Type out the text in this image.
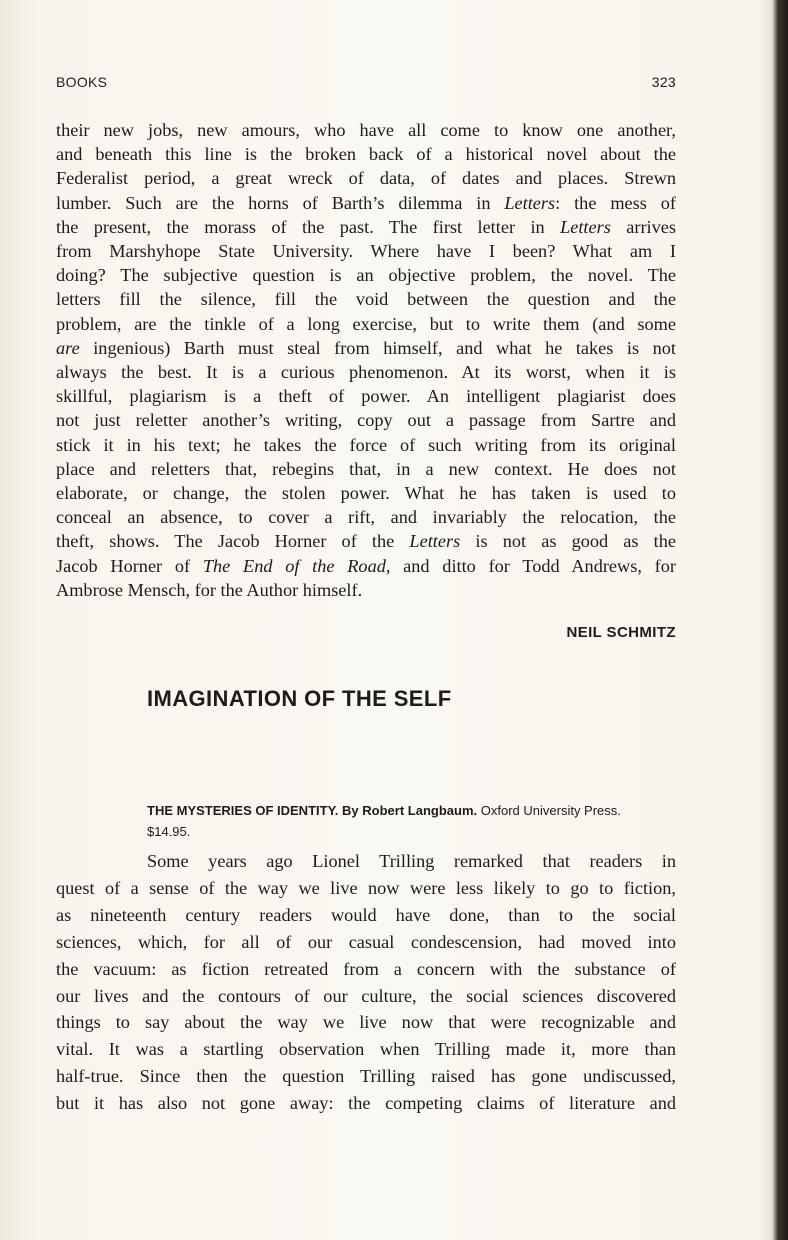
BOOKS	323
their new jobs, new amours, who have all come to know one another,
and beneath this line is the broken back of a historical novel about the
Federalist period, a great wreck of data, of dates and places. Strewn
lumber. Such are the horns of Barth’s dilemma in Letters: the mess of
the present, the morass of the past. The first letter in Letters arrives
from Marshyhope State University. Where have I been? What am I
doing? The subjective question is an objective problem, the novel. The
letters fill the silence, fill the void between the question and the
problem, are the tinkle of a long exercise, but to write them (and some
are ingenious) Barth must steal from himself, and what he takes is not
always the best. It is a curious phenomenon. At its worst, when it is
skillful, plagiarism is a theft of power. An intelligent plagiarist does
not just reletter another’s writing, copy out a passage from Sartre and
stick it in his text; he takes the force of such writing from its original
place and reletters that, rebegins that, in a new context. He does not
elaborate, or change, the stolen power. What he has taken is used to
conceal an absence, to cover a rift, and invariably the relocation, the
theft, shows. The Jacob Horner of the Letters is not as good as the
Jacob Horner of The End of the Road, and ditto for Todd Andrews, for
Ambrose Mensch, for the Author himself.
NEIL SCHMITZ
IMAGINATION OF THE SELF
THE MYSTERIES OF IDENTITY. By Robert Langbaum. Oxford University Press. $14.95.
Some years ago Lionel Trilling remarked that readers in
quest of a sense of the way we live now were less likely to go to fiction,
as nineteenth century readers would have done, than to the social
sciences, which, for all of our casual condescension, had moved into
the vacuum: as fiction retreated from a concern with the substance of
our lives and the contours of our culture, the social sciences discovered
things to say about the way we live now that were recognizable and
vital. It was a startling observation when Trilling made it, more than
half-true. Since then the question Trilling raised has gone undiscussed,
but it has also not gone away: the competing claims of literature and
